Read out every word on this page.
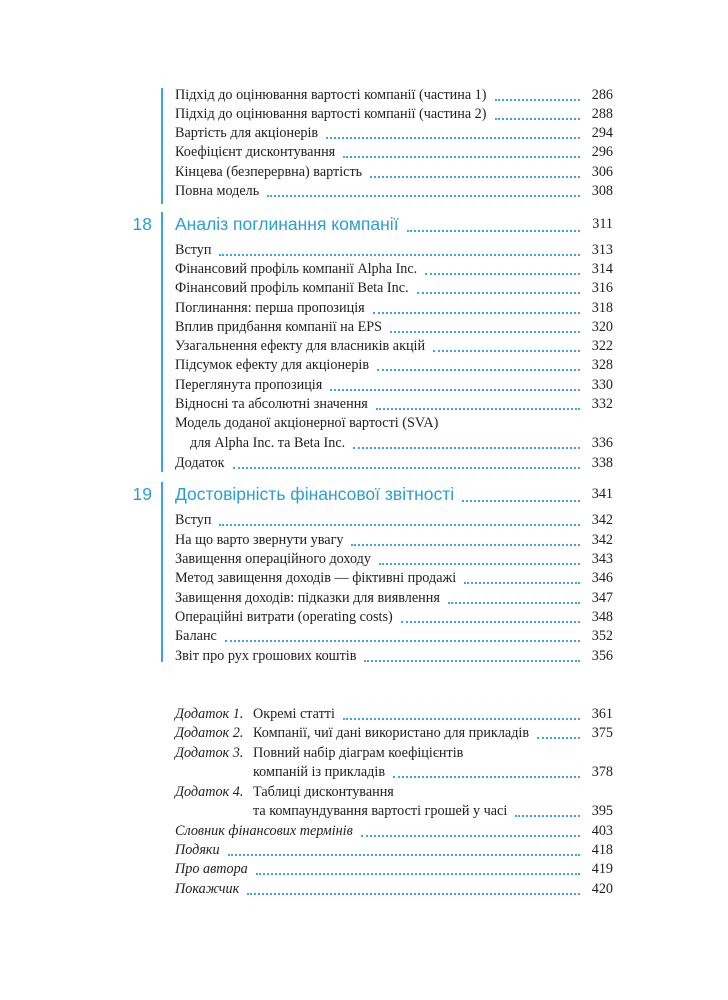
Підхід до оцінювання вартості компанії (частина 1)	286
Підхід до оцінювання вартості компанії (частина 2)	288
Вартість для акціонерів	294
Коефіцієнт дисконтування	296
Кінцева (безперервна) вартість	306
Повна модель	308
18 Аналіз поглинання компанії	311
Вступ	313
Фінансовий профіль компанії Alpha Inc.	314
Фінансовий профіль компанії Beta Inc.	316
Поглинання: перша пропозиція	318
Вплив придбання компанії на EPS	320
Узагальнення ефекту для власників акцій	322
Підсумок ефекту для акціонерів	328
Переглянута пропозиція	330
Відносні та абсолютні значення	332
Модель доданої акціонерної вартості (SVA)
для Alpha Inc. та Beta Inc.	336
Додаток	338
19 Достовірність фінансової звітності	341
Вступ	342
На що варто звернути увагу	342
Завищення операційного доходу	343
Метод завищення доходів — фіктивні продажі	346
Завищення доходів: підказки для виявлення	347
Операційні витрати (operating costs)	348
Баланс	352
Звіт про рух грошових коштів	356
Додаток 1. Окремі статті	361
Додаток 2. Компанії, чиї дані використано для прикладів	375
Додаток 3. Повний набір діаграм коефіцієнтів
компаній із прикладів	378
Додаток 4. Таблиці дисконтування
та компаундування вартості грошей у часі	395
Словник фінансових термінів	403
Подяки	418
Про автора	419
Покажчик	420
